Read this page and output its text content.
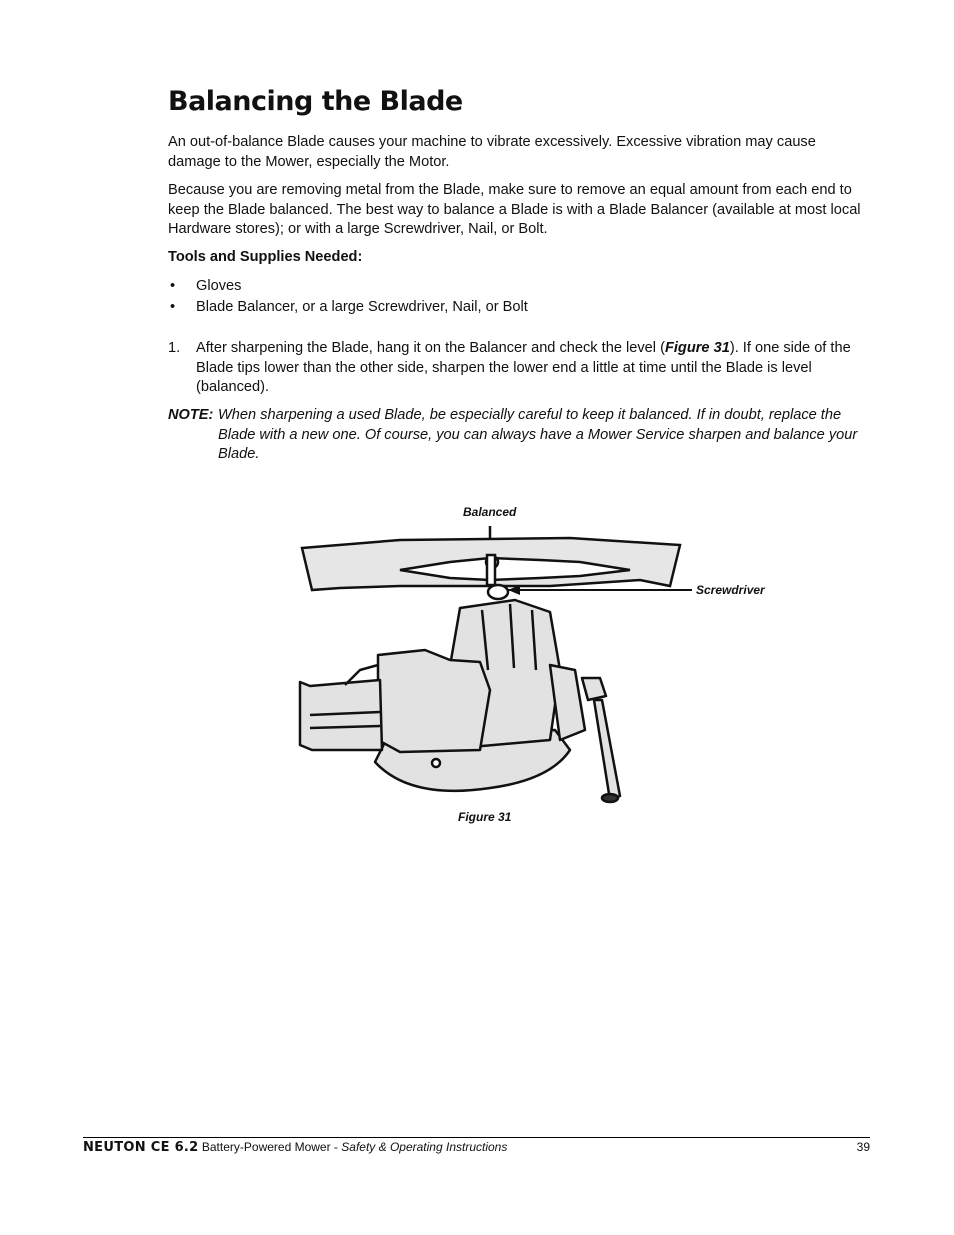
Balancing the Blade

An out-of-balance Blade causes your machine to vibrate excessively. Excessive vibration may cause damage to the Mower, especially the Motor.

Because you are removing metal from the Blade, make sure to remove an equal amount from each end to keep the Blade balanced. The best way to balance a Blade is with a Blade Balancer (available at most local Hardware stores); or with a large Screwdriver, Nail, or Bolt.

Tools and Supplies Needed:

• Gloves
• Blade Balancer, or a large Screwdriver, Nail, or Bolt
1. After sharpening the Blade, hang it on the Balancer and check the level (Figure 31). If one side of the Blade tips lower than the other side, sharpen the lower end a little at time until the Blade is level (balanced).
NOTE: When sharpening a used Blade, be especially careful to keep it balanced. If in doubt, replace the Blade with a new one. Of course, you can always have a Mower Service sharpen and balance your Blade.
Balanced
Screwdriver
Figure 31
NEUTON CE 6.2 Battery-Powered Mower - Safety & Operating Instructions	39
